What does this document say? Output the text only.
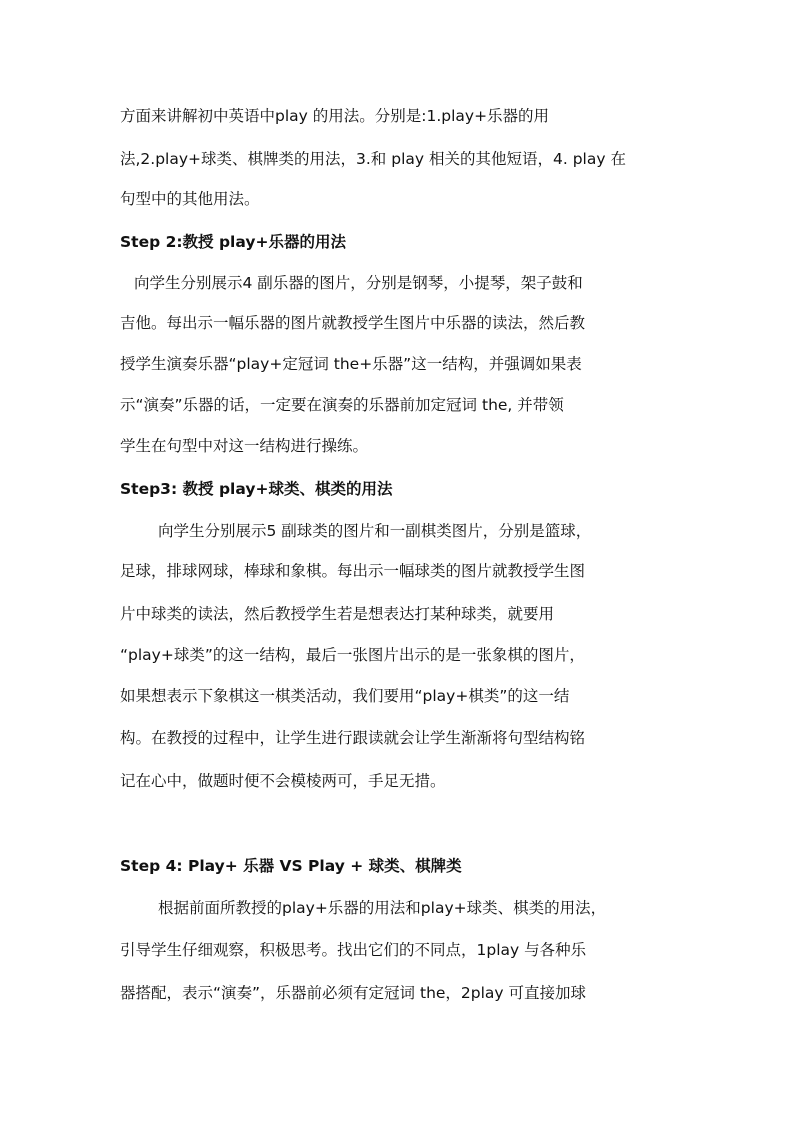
方面来讲解初中英语中play 的用法。分别是:1.play+乐器的用
法,2.play+球类、棋牌类的用法，3.和 play 相关的其他短语，4. play 在
句型中的其他用法。
Step 2:教授 play+乐器的用法
向学生分别展示4 副乐器的图片，分别是钢琴，小提琴，架子鼓和
吉他。每出示一幅乐器的图片就教授学生图片中乐器的读法，然后教
授学生演奏乐器“play+定冠词 the+乐器”这一结构，并强调如果表
示“演奏”乐器的话，一定要在演奏的乐器前加定冠词 the, 并带领
学生在句型中对这一结构进行操练。
Step3: 教授 play+球类、棋类的用法
向学生分别展示5 副球类的图片和一副棋类图片，分别是篮球，
足球，排球网球，棒球和象棋。每出示一幅球类的图片就教授学生图
片中球类的读法，然后教授学生若是想表达打某种球类，就要用
“play+球类”的这一结构，最后一张图片出示的是一张象棋的图片，
如果想表示下象棋这一棋类活动，我们要用“play+棋类”的这一结
构。在教授的过程中，让学生进行跟读就会让学生渐渐将句型结构铭
记在心中，做题时便不会模棱两可，手足无措。
Step 4: Play+ 乐器 VS Play + 球类、棋牌类
根据前面所教授的play+乐器的用法和play+球类、棋类的用法，
引导学生仔细观察，积极思考。找出它们的不同点，1play 与各种乐
器搭配，表示“演奏”，乐器前必须有定冠词 the，2play 可直接加球
